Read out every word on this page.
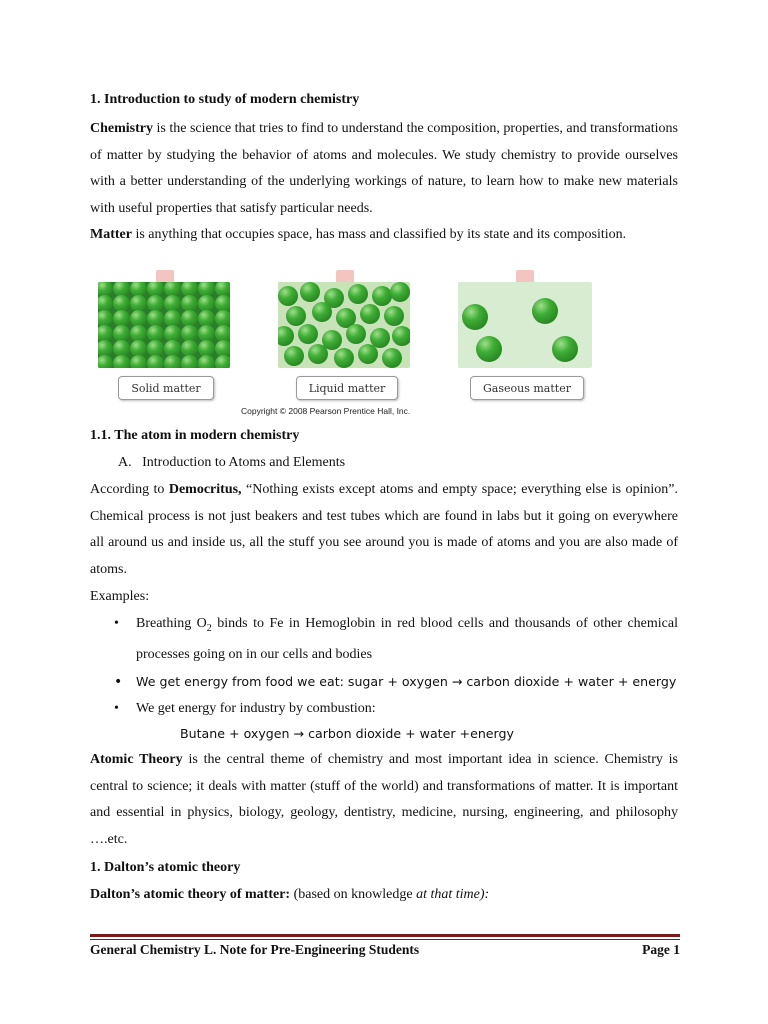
1. Introduction to study of modern chemistry

Chemistry is the science that tries to find to understand the composition, properties, and transformations of matter by studying the behavior of atoms and molecules. We study chemistry to provide ourselves with a better understanding of the underlying workings of nature, to learn how to make new materials with useful properties that satisfy particular needs.

Matter is anything that occupies space, has mass and classified by its state and its composition.

1.1. The atom in modern chemistry

A.   Introduction to Atoms and Elements

According to Democritus, “Nothing exists except atoms and empty space; everything else is opinion”. Chemical process is not just beakers and test tubes which are found in labs but it going on everywhere all around us and inside us, all the stuff you see around you is made of atoms and you are also made of atoms.

Examples:

• Breathing $O_2$ binds to Fe in Hemoglobin in red blood cells and thousands of other chemical processes going on in our cells and bodies
• We get energy from food we eat: sugar + oxygen → carbon dioxide + water + energy
• We get energy for industry by combustion:

Butane + oxygen → carbon dioxide + water +energy

Atomic Theory is the central theme of chemistry and most important idea in science. Chemistry is central to science; it deals with matter (stuff of the world) and transformations of matter. It is important and essential in physics, biology, geology, dentistry, medicine, nursing, engineering, and philosophy ….etc.

1. Dalton’s atomic theory

Dalton’s atomic theory of matter: (based on knowledge at that time):

Solid matter	Liquid matter	Gaseous matter
Copyright © 2008 Pearson Prentice Hall, Inc.
General Chemistry L. Note for Pre-Engineering Students	Page 1
